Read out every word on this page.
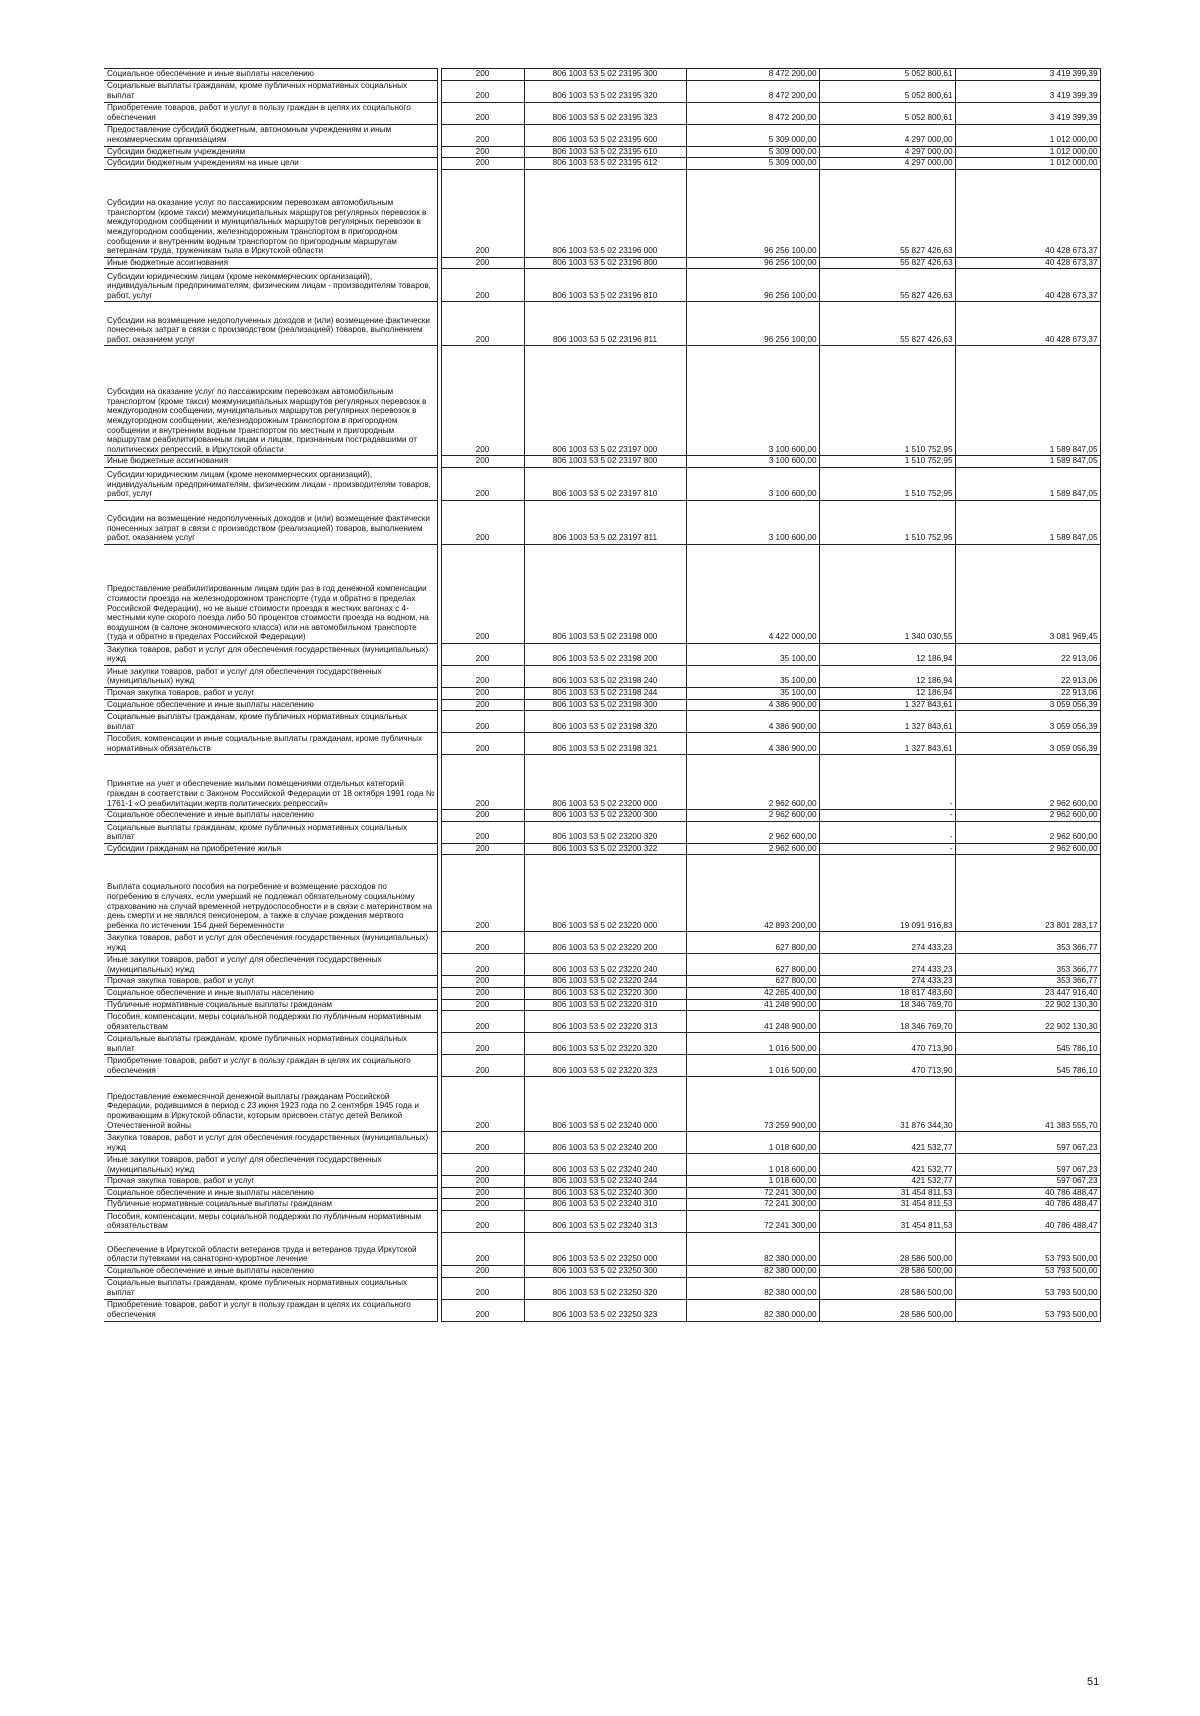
Социальное обеспечение и иные выплаты населению		200	806 1003 53 5 02 23195 300	8 472 200,00	5 052 800,61	3 419 399,39

Социальные выплаты гражданам, кроме публичных нормативных социальных выплат		200	806 1003 53 5 02 23195 320	8 472 200,00	5 052 800,61	3 419 399,39

Приобретение товаров, работ и услуг в пользу граждан в целях их социального обеспечения		200	806 1003 53 5 02 23195 323	8 472 200,00	5 052 800,61	3 419 399,39

Предоставление субсидий бюджетным, автономным учреждениям и иным некоммерческим организациям		200	806 1003 53 5 02 23195 600	5 309 000,00	4 297 000,00	1 012 000,00

Субсидии бюджетным учреждениям		200	806 1003 53 5 02 23195 610	5 309 000,00	4 297 000,00	1 012 000,00

Субсидии бюджетным учреждениям на иные цели		200	806 1003 53 5 02 23195 612	5 309 000,00	4 297 000,00	1 012 000,00

Субсидии на оказание услуг по пассажирским перевозкам автомобильным транспортом (кроме такси) межмуниципальных маршрутов регулярных перевозок в междугородном сообщении и муниципальных маршрутов регулярных перевозок в междугородном сообщении, железнодорожным транспортом в пригородном сообщении и внутренним водным транспортом по пригородным маршрутам ветеранам труда, труженикам тыла в Иркутской области		200	806 1003 53 5 02 23196 000	96 256 100,00	55 827 426,63	40 428 673,37

Иные бюджетные ассигнования		200	806 1003 53 5 02 23196 800	96 256 100,00	55 827 426,63	40 428 673,37

Субсидии юридическим лицам (кроме некоммерческих организаций), индивидуальным предпринимателям, физическим лицам - производителям товаров, работ, услуг		200	806 1003 53 5 02 23196 810	96 256 100,00	55 827 426,63	40 428 673,37

Субсидии на возмещение недополученных доходов и (или) возмещение фактически понесенных затрат в связи с производством (реализацией) товаров, выполнением работ, оказанием услуг		200	806 1003 53 5 02 23196 811	96 256 100,00	55 827 426,63	40 428 673,37

Субсидии на оказание услуг по пассажирским перевозкам автомобильным транспортом (кроме такси) межмуниципальных маршрутов регулярных перевозок в междугородном сообщении, муниципальных маршрутов регулярных перевозок в междугородном сообщении, железнодорожным транспортом в пригородном сообщении и внутренним водным транспортом по местным и пригородным маршрутам реабилитированным лицам и лицам, признанным пострадавшими от политических репрессий, в Иркутской области		200	806 1003 53 5 02 23197 000	3 100 600,00	1 510 752,95	1 589 847,05

Иные бюджетные ассигнования		200	806 1003 53 5 02 23197 800	3 100 600,00	1 510 752,95	1 589 847,05

Субсидии юридическим лицам (кроме некоммерческих организаций), индивидуальным предпринимателям, физическим лицам - производителям товаров, работ, услуг		200	806 1003 53 5 02 23197 810	3 100 600,00	1 510 752,95	1 589 847,05

Субсидии на возмещение недополученных доходов и (или) возмещение фактически понесенных затрат в связи с производством (реализацией) товаров, выполнением работ, оказанием услуг		200	806 1003 53 5 02 23197 811	3 100 600,00	1 510 752,95	1 589 847,05

Предоставление реабилитированным лицам один раз в год денежной компенсации стоимости проезда на железнодорожном транспорте (туда и обратно в пределах Российской Федерации), но не выше стоимости проезда в жестких вагонах с 4-местными купе скорого поезда либо 50 процентов стоимости проезда на водном, на воздушном (в салоне экономического класса) или на автомобильном транспорте (туда и обратно в пределах Российской Федерации)		200	806 1003 53 5 02 23198 000	4 422 000,00	1 340 030,55	3 081 969,45

Закупка товаров, работ и услуг для обеспечения государственных (муниципальных) нужд		200	806 1003 53 5 02 23198 200	35 100,00	12 186,94	22 913,06

Иные закупки товаров, работ и услуг для обеспечения государственных (муниципальных) нужд		200	806 1003 53 5 02 23198 240	35 100,00	12 186,94	22 913,06

Прочая закупка товаров, работ и услуг		200	806 1003 53 5 02 23198 244	35 100,00	12 186,94	22 913,06

Социальное обеспечение и иные выплаты населению		200	806 1003 53 5 02 23198 300	4 386 900,00	1 327 843,61	3 059 056,39

Социальные выплаты гражданам, кроме публичных нормативных социальных выплат		200	806 1003 53 5 02 23198 320	4 386 900,00	1 327 843,61	3 059 056,39

Пособия, компенсации и иные социальные выплаты гражданам, кроме публичных нормативных обязательств		200	806 1003 53 5 02 23198 321	4 386 900,00	1 327 843,61	3 059 056,39

Принятие на учет и обеспечение жилыми помещениями отдельных категорий граждан в соответствии с Законом Российской Федерации от 18 октября 1991 года № 1761-1 «О реабилитации жертв политических репрессий»		200	806 1003 53 5 02 23200 000	2 962 600,00	-	2 962 600,00

Социальное обеспечение и иные выплаты населению		200	806 1003 53 5 02 23200 300	2 962 600,00	-	2 962 600,00

Социальные выплаты гражданам, кроме публичных нормативных социальных выплат		200	806 1003 53 5 02 23200 320	2 962 600,00	-	2 962 600,00

Субсидии гражданам на приобретение жилья		200	806 1003 53 5 02 23200 322	2 962 600,00	-	2 962 600,00

Выплата социального пособия на погребение и возмещение расходов по погребению в случаях, если умерший не подлежал обязательному социальному страхованию на случай временной нетрудоспособности и в связи с материнством на день смерти и не являлся пенсионером, а также в случае рождения мертвого ребенка по истечении 154 дней беременности		200	806 1003 53 5 02 23220 000	42 893 200,00	19 091 916,83	23 801 283,17

Закупка товаров, работ и услуг для обеспечения государственных (муниципальных) нужд		200	806 1003 53 5 02 23220 200	627 800,00	274 433,23	353 366,77

Иные закупки товаров, работ и услуг для обеспечения государственных (муниципальных) нужд		200	806 1003 53 5 02 23220 240	627 800,00	274 433,23	353 366,77

Прочая закупка товаров, работ и услуг		200	806 1003 53 5 02 23220 244	627 800,00	274 433,23	353 366,77

Социальное обеспечение и иные выплаты населению		200	806 1003 53 5 02 23220 300	42 265 400,00	18 817 483,60	23 447 916,40

Публичные нормативные социальные выплаты гражданам		200	806 1003 53 5 02 23220 310	41 248 900,00	18 346 769,70	22 902 130,30

Пособия, компенсации, меры социальной поддержки по публичным нормативным обязательствам		200	806 1003 53 5 02 23220 313	41 248 900,00	18 346 769,70	22 902 130,30

Социальные выплаты гражданам, кроме публичных нормативных социальных выплат		200	806 1003 53 5 02 23220 320	1 016 500,00	470 713,90	545 786,10

Приобретение товаров, работ и услуг в пользу граждан в целях их социального обеспечения		200	806 1003 53 5 02 23220 323	1 016 500,00	470 713,90	545 786,10

Предоставление ежемесячной денежной выплаты гражданам Российской Федерации, родившимся в период с 23 июня 1923 года по 2 сентября 1945 года и проживающим в Иркутской области, которым присвоен статус детей Великой Отечественной войны		200	806 1003 53 5 02 23240 000	73 259 900,00	31 876 344,30	41 383 555,70

Закупка товаров, работ и услуг для обеспечения государственных (муниципальных) нужд		200	806 1003 53 5 02 23240 200	1 018 600,00	421 532,77	597 067,23

Иные закупки товаров, работ и услуг для обеспечения государственных (муниципальных) нужд		200	806 1003 53 5 02 23240 240	1 018 600,00	421 532,77	597 067,23

Прочая закупка товаров, работ и услуг		200	806 1003 53 5 02 23240 244	1 018 600,00	421 532,77	597 067,23

Социальное обеспечение и иные выплаты населению		200	806 1003 53 5 02 23240 300	72 241 300,00	31 454 811,53	40 786 488,47

Публичные нормативные социальные выплаты гражданам		200	806 1003 53 5 02 23240 310	72 241 300,00	31 454 811,53	40 786 488,47

Пособия, компенсации, меры социальной поддержки по публичным нормативным обязательствам		200	806 1003 53 5 02 23240 313	72 241 300,00	31 454 811,53	40 786 488,47

Обеспечение в Иркутской области ветеранов труда и ветеранов труда Иркутской области путевками на санаторно-курортное лечение		200	806 1003 53 5 02 23250 000	82 380 000,00	28 586 500,00	53 793 500,00

Социальное обеспечение и иные выплаты населению		200	806 1003 53 5 02 23250 300	82 380 000,00	28 586 500,00	53 793 500,00

Социальные выплаты гражданам, кроме публичных нормативных социальных выплат		200	806 1003 53 5 02 23250 320	82 380 000,00	28 586 500,00	53 793 500,00

Приобретение товаров, работ и услуг в пользу граждан в целях их социального обеспечения		200	806 1003 53 5 02 23250 323	82 380 000,00	28 586 500,00	53 793 500,00
51
